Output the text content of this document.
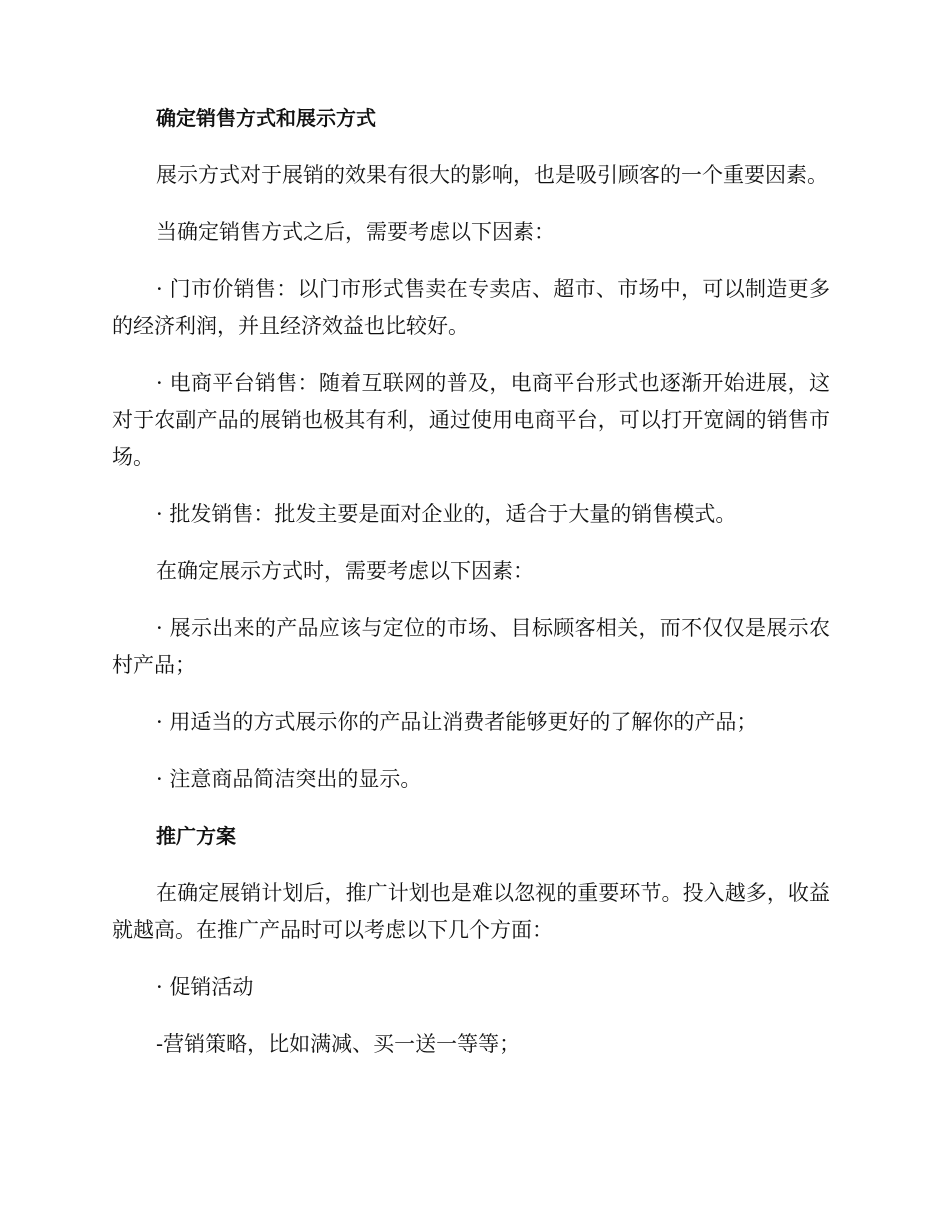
确定销售方式和展示方式

展示方式对于展销的效果有很大的影响，也是吸引顾客的一个重要因素。

当确定销售方式之后，需要考虑以下因素：

· 门市价销售：以门市形式售卖在专卖店、超市、市场中，可以制造更多的经济利润，并且经济效益也比较好。

· 电商平台销售：随着互联网的普及，电商平台形式也逐渐开始进展，这对于农副产品的展销也极其有利，通过使用电商平台，可以打开宽阔的销售市场。

· 批发销售：批发主要是面对企业的，适合于大量的销售模式。

在确定展示方式时，需要考虑以下因素：

· 展示出来的产品应该与定位的市场、目标顾客相关，而不仅仅是展示农村产品；

· 用适当的方式展示你的产品让消费者能够更好的了解你的产品；

· 注意商品简洁突出的显示。

推广方案

在确定展销计划后，推广计划也是难以忽视的重要环节。投入越多，收益就越高。在推广产品时可以考虑以下几个方面：

· 促销活动

-营销策略，比如满减、买一送一等等；
